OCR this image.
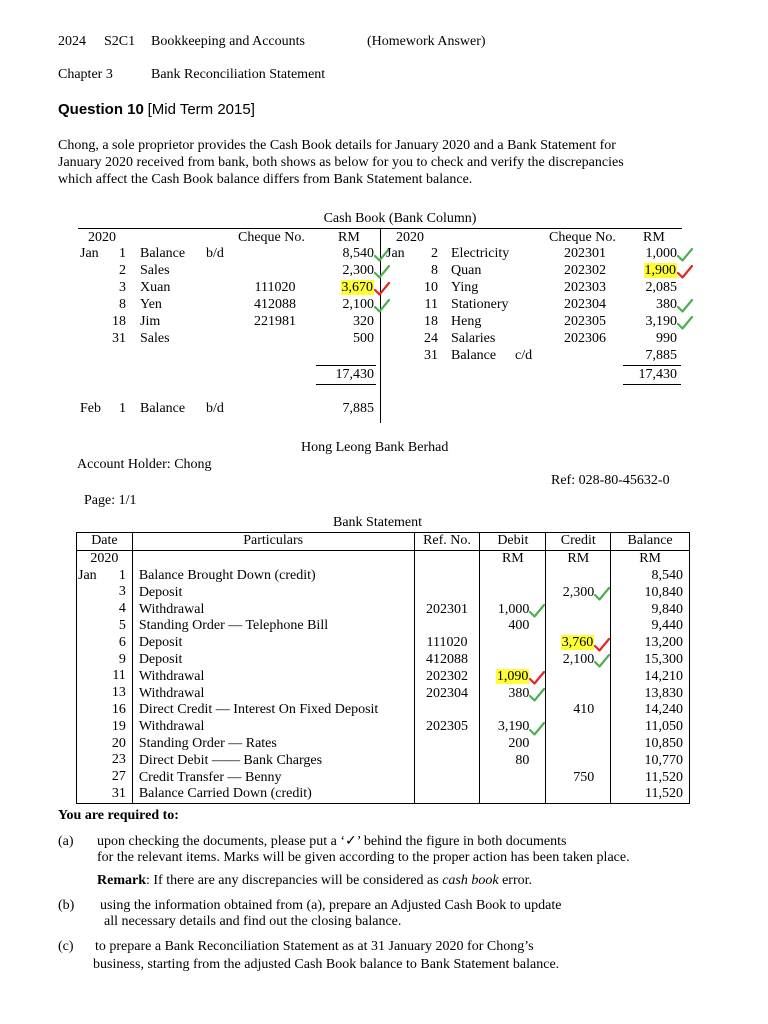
2024 S2C1 Bookkeeping and Accounts	(Homework Answer)
Chapter 3	Bank Reconciliation Statement
Question 10 [Mid Term 2015]
Chong, a sole proprietor provides the Cash Book details for January 2020 and a Bank Statement for
January 2020 received from bank, both shows as below for you to check and verify the discrepancies
which affect the Cash Book balance differs from Bank Statement balance.
Cash Book (Bank Column)
2020	Cheque No. RM	2020	Cheque No. RM
Jan	1 Balance b/d	8,540
2 Sales	2,300
3 Xuan	111020	3,670
8 Yen	412088	2,100
18 Jim	221981	320
31 Sales	500
Jan	2 Electricity	202301	1,000
8 Quan	202302	1,900
10 Ying	202303	2,085
11 Stationery	202304	380
18 Heng	202305	3,190
24 Salaries	202306	990
31 Balance c/d	7,885
17,430	17,430
Feb	1 Balance b/d	7,885
Hong Leong Bank Berhad
Account Holder: Chong
Ref: 028-80-45632-0
Page: 1/1
Bank Statement
Date	Particulars	Ref. No.	Debit	Credit	Balance
2020			RM	RM	RM

Jan 1	Balance Brought Down (credit)				8,540

3	Deposit			2,300	10,840

4	Withdrawal	202301	1,000		9,840

5	Standing Order — Telephone Bill		400		9,440

6	Deposit	111020		3,760	13,200

9	Deposit	412088		2,100	15,300

11	Withdrawal	202302	1,090		14,210

13	Withdrawal	202304	380		13,830

16	Direct Credit — Interest On Fixed Deposit			410	14,240

19	Withdrawal	202305	3,190		11,050

20	Standing Order — Rates		200		10,850

23	Direct Debit —— Bank Charges		80		10,770

27	Credit Transfer — Benny			750	11,520

31	Balance Carried Down (credit)				11,520
You are required to:
(a) upon checking the documents, please put a ‘✓’ behind the figure in both documents
for the relevant items. Marks will be given according to the proper action has been taken place.
Remark: If there are any discrepancies will be considered as cash book error.
(b) using the information obtained from (a), prepare an Adjusted Cash Book to update
all necessary details and find out the closing balance.
(c) to prepare a Bank Reconciliation Statement as at 31 January 2020 for Chong’s
business, starting from the adjusted Cash Book balance to Bank Statement balance.
